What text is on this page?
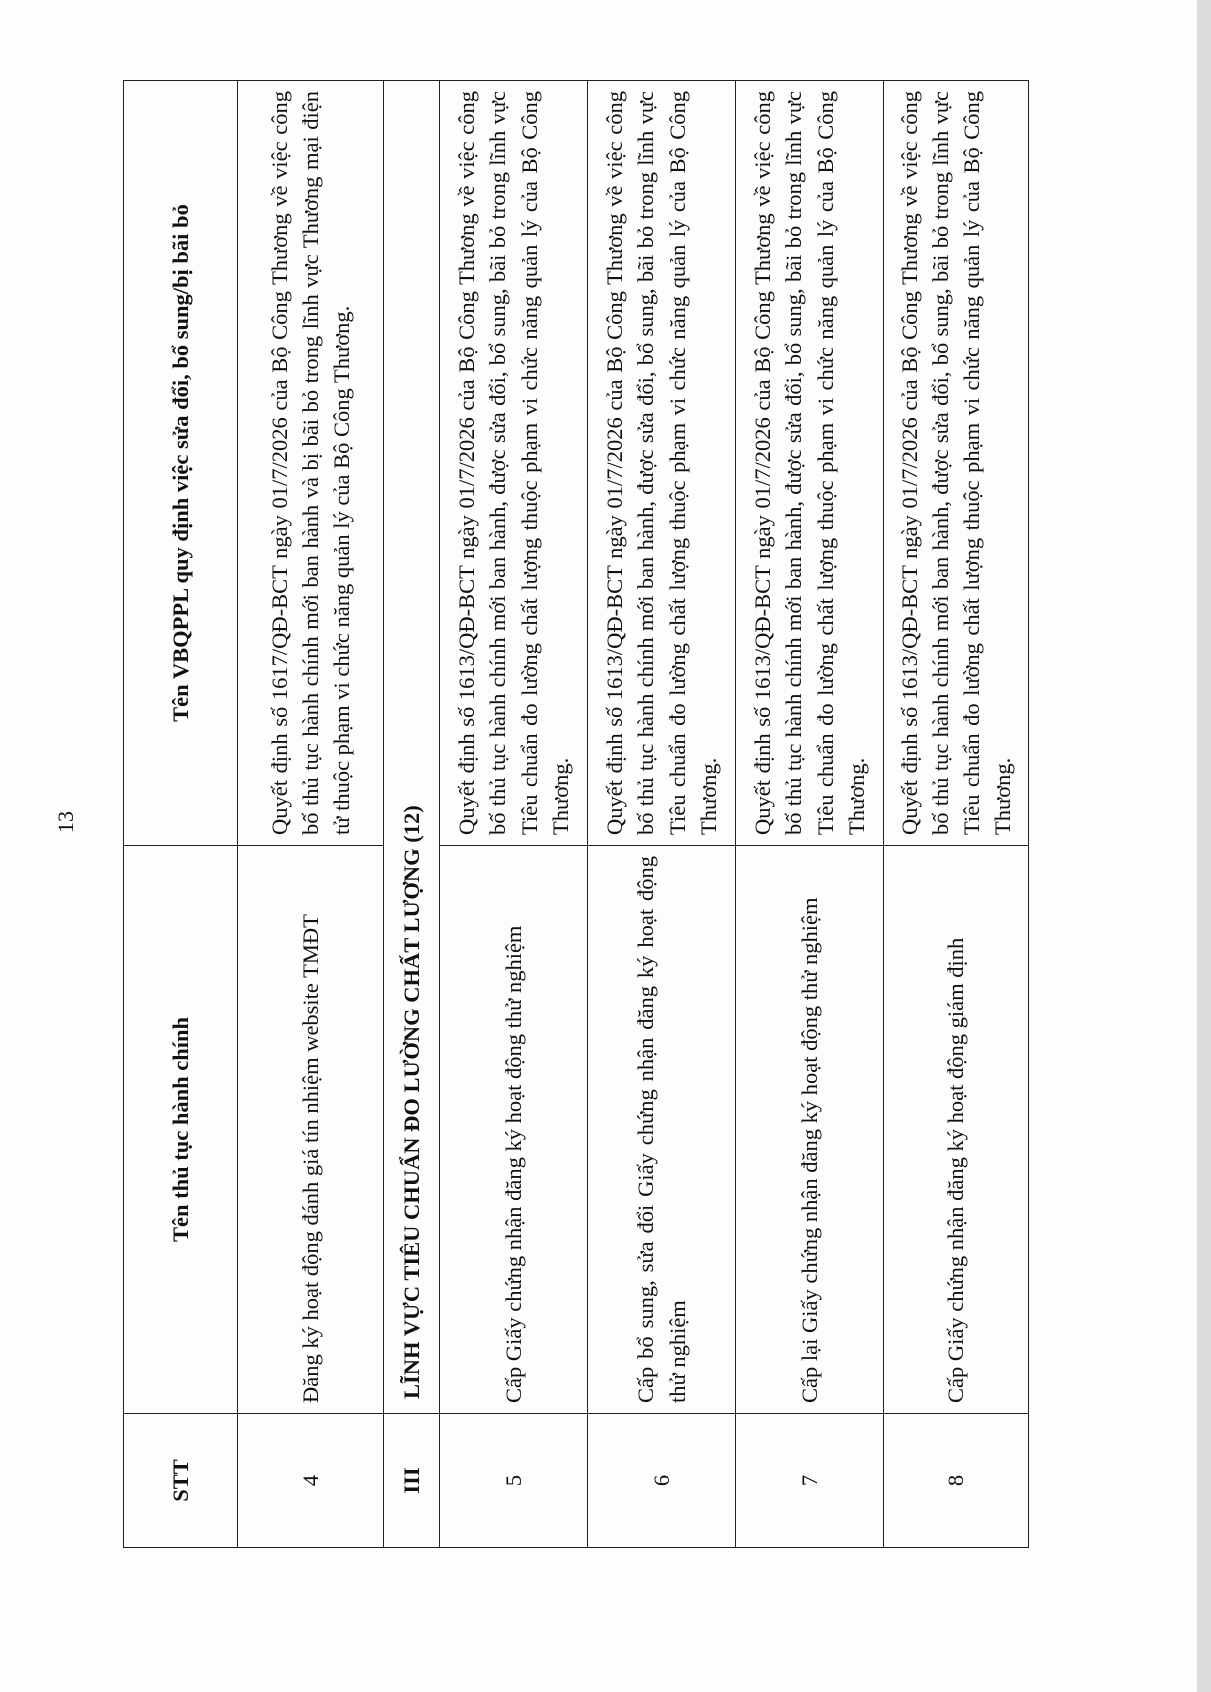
13
STT	Tên thủ tục hành chính	Tên VBQPPL quy định việc sửa đổi, bổ sung/bị bãi bỏ
4	Đăng ký hoạt động đánh giá tín nhiệm website TMĐT	Quyết định số 1617/QĐ-BCT ngày 01/7/2026 của Bộ Công Thương về việc công bố thủ tục hành chính mới ban hành và bị bãi bỏ trong lĩnh vực Thương mại điện tử thuộc phạm vi chức năng quản lý của Bộ Công Thương.
III	LĨNH VỰC TIÊU CHUẨN ĐO LƯỜNG CHẤT LƯỢNG (12)	
5	Cấp Giấy chứng nhận đăng ký hoạt động thử nghiệm	Quyết định số 1613/QĐ-BCT ngày 01/7/2026 của Bộ Công Thương về việc công bố thủ tục hành chính mới ban hành, được sửa đổi, bổ sung, bãi bỏ trong lĩnh vực Tiêu chuẩn đo lường chất lượng thuộc phạm vi chức năng quản lý của Bộ Công Thương.
6	Cấp bổ sung, sửa đổi Giấy chứng nhận đăng ký hoạt động thử nghiệm	Quyết định số 1613/QĐ-BCT ngày 01/7/2026 của Bộ Công Thương về việc công bố thủ tục hành chính mới ban hành, được sửa đổi, bổ sung, bãi bỏ trong lĩnh vực Tiêu chuẩn đo lường chất lượng thuộc phạm vi chức năng quản lý của Bộ Công Thương.
7	Cấp lại Giấy chứng nhận đăng ký hoạt động thử nghiệm	Quyết định số 1613/QĐ-BCT ngày 01/7/2026 của Bộ Công Thương về việc công bố thủ tục hành chính mới ban hành, được sửa đổi, bổ sung, bãi bỏ trong lĩnh vực Tiêu chuẩn đo lường chất lượng thuộc phạm vi chức năng quản lý của Bộ Công Thương.
8	Cấp Giấy chứng nhận đăng ký hoạt động giám định	Quyết định số 1613/QĐ-BCT ngày 01/7/2026 của Bộ Công Thương về việc công bố thủ tục hành chính mới ban hành, được sửa đổi, bổ sung, bãi bỏ trong lĩnh vực Tiêu chuẩn đo lường chất lượng thuộc phạm vi chức năng quản lý của Bộ Công Thương.
